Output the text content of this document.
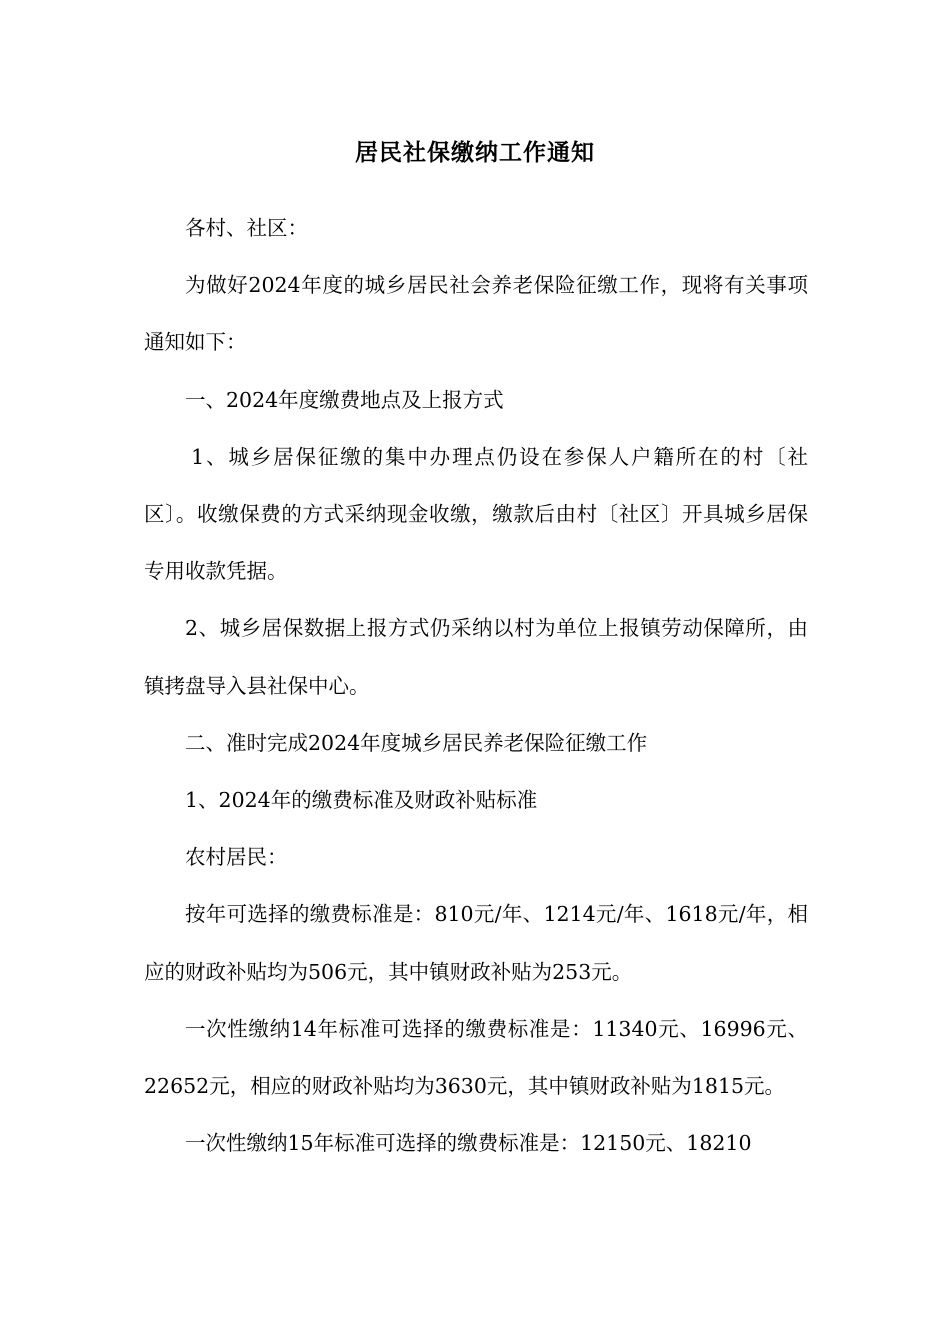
居民社保缴纳工作通知

各村、社区：

为做好2024年度的城乡居民社会养老保险征缴工作，现将有关事项通知如下：

一、2024年度缴费地点及上报方式

1、城乡居保征缴的集中办理点仍设在参保人户籍所在的村〔社区〕。收缴保费的方式采纳现金收缴，缴款后由村〔社区〕开具城乡居保专用收款凭据。

2、城乡居保数据上报方式仍采纳以村为单位上报镇劳动保障所，由镇拷盘导入县社保中心。

二、准时完成2024年度城乡居民养老保险征缴工作

1、2024年的缴费标准及财政补贴标准

农村居民：

按年可选择的缴费标准是：810元/年、1214元/年、1618元/年，相应的财政补贴均为506元，其中镇财政补贴为253元。

一次性缴纳14年标准可选择的缴费标准是：11340元、16996元、22652元，相应的财政补贴均为3630元，其中镇财政补贴为1815元。

一次性缴纳15年标准可选择的缴费标准是：12150元、18210
